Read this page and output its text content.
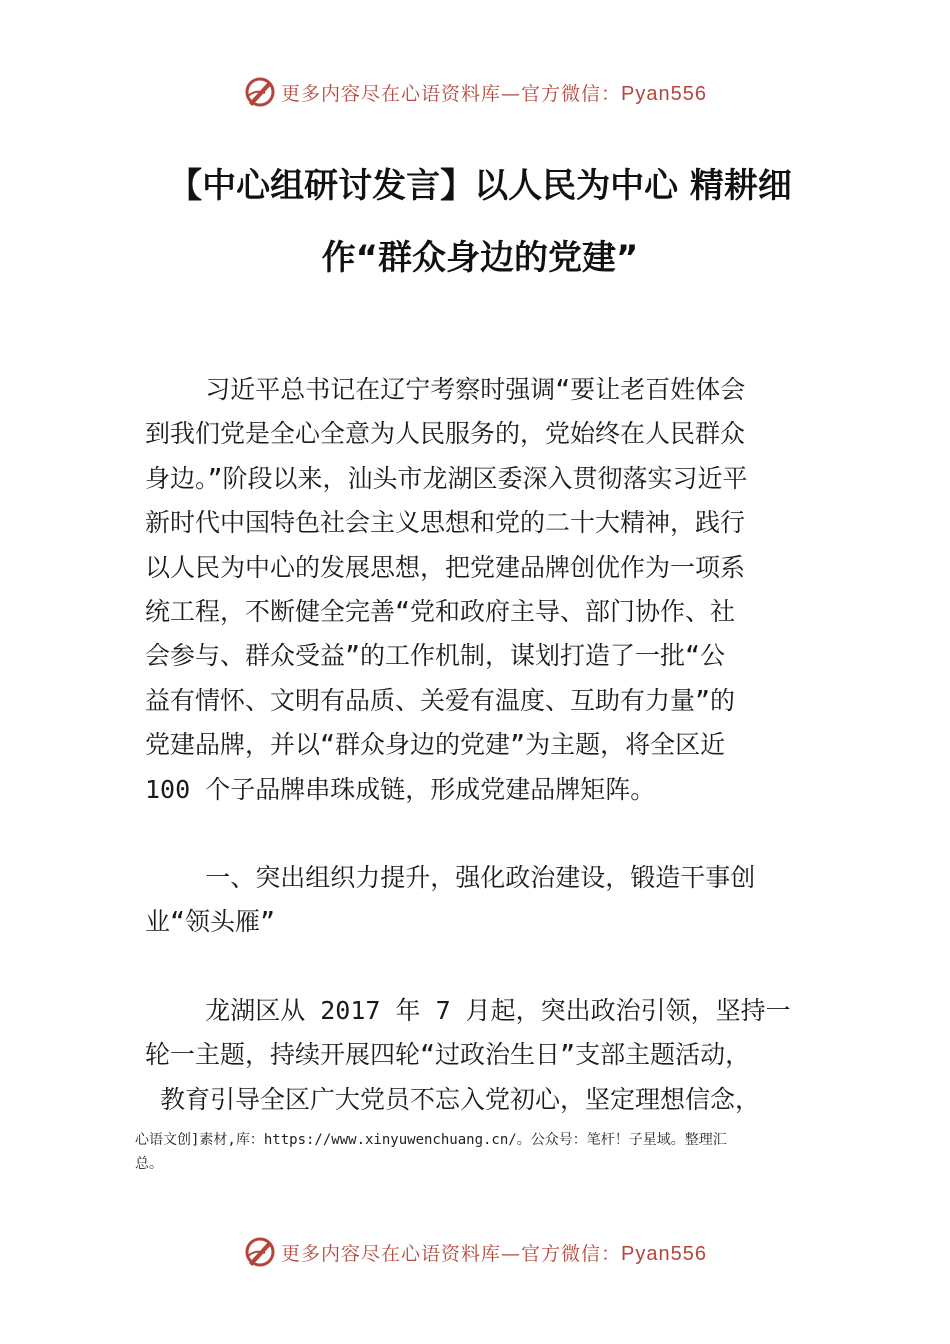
更多内容尽在心语资料库—官方微信：Pyan556
【中心组研讨发言】以人民为中心 精耕细
作“群众身边的党建”
习近平总书记在辽宁考察时强调“要让老百姓体会
到我们党是全心全意为人民服务的，党始终在人民群众
身边。”阶段以来，汕头市龙湖区委深入贯彻落实习近平
新时代中国特色社会主义思想和党的二十大精神，践行
以人民为中心的发展思想，把党建品牌创优作为一项系
统工程，不断健全完善“党和政府主导、部门协作、社
会参与、群众受益”的工作机制，谋划打造了一批“公
益有情怀、文明有品质、关爱有温度、互助有力量”的
党建品牌，并以“群众身边的党建”为主题，将全区近
100 个子品牌串珠成链，形成党建品牌矩阵。
一、突出组织力提升，强化政治建设，锻造干事创
业“领头雁”
龙湖区从 2017 年 7 月起，突出政治引领，坚持一
轮一主题，持续开展四轮“过政治生日”支部主题活动，
教育引导全区广大党员不忘入党初心，坚定理想信念，
心语文创]素材,库：https://www.xinyuwenchuang.cn/。公众号：笔杆！子星域。整理汇
总。
更多内容尽在心语资料库—官方微信：Pyan556
